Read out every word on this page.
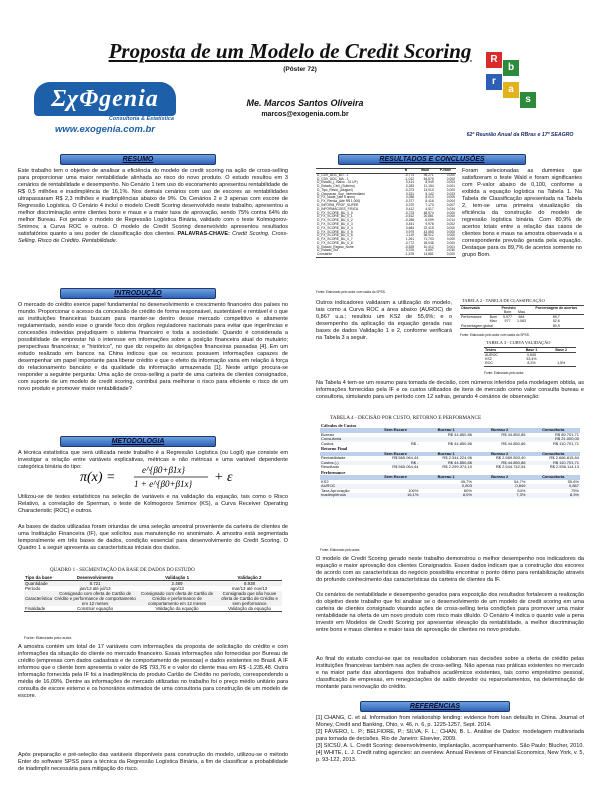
Proposta de um Modelo de Credit Scoring
(Pôster 72)
ΣχΦgenia
Consultoria & Estatística
www.exogenia.com.br
Me. Marcos Santos Oliveira
marcos@exogenia.com.br
R
b
r
a
s
62ª Reunião Anual da RBras e 17º SEAGRO
RESUMO
Este trabalho tem o objetivo de analisar a eficiência do modelo de credit scoring na ação de cross-selling para proporcionar uma maior rentabilidade alinhada ao risco do novo produto. O estudo resultou em 3 cenários de rentabilidade e desempenho. No Cenário 1 tem uso do escoramento apresentou rentabilidade de R$ 0,5 milhões e inadimplência de 16,1%. Nos demais cenários com uso de escores as rentabilidades ultrapassaram R$ 2,3 milhões e inadimplências abaixo de 9%. Os Cenários 2 e 3 apenas com escore de Regressão Logística. O Cenário 4 incluí o modelo Credit Scoring desenvolvido neste trabalho, apresentou a melhor discriminação entre clientes bons e maus e a maior taxa de aprovação, sendo 75% contra 64% do melhor Bureau. Foi gerado o modelo de Regressão Logística Binária, validado com o teste Kolmogorov-Smirnov, a Curva ROC e outros. O modelo de Credit Scoring desenvolvido apresentou resultados satisfatórios quanto a seu poder de classificação dos clientes. PALAVRAS-CHAVE: Credit Scoring. Cross-Selling. Risco de Crédito. Rentabilidade.
INTRODUÇÃO
O mercado do crédito exerce papel fundamental no desenvolvimento e crescimento financeiro dos países no mundo. Proporcionar o acesso da concessão de crédito de forma responsável, sustentável e rentável é o que as instituições financeiras buscam para manter-se dentro desse mercado competitivo e altamente regulamentado, sendo esse o grande foco dos órgãos reguladores nacionais para evitar que ingerências e concessões indevidas prejudiquem o sistema financeiro e toda a sociedade. Quando é considerada a possibilidade de emprestar há o interesse em informações sobre a posição financeira atual do mutuário; perspectivas financeiras; e "histórico", no que diz respeito às obrigações financeiras passadas [4]. Em um estudo realizado em bancos na China indicou que os recursos possuem informações capazes de desempenhar um papel importante para liberar crédito e que o efeito da informação varia em relação à força do relacionamento bancário e da qualidade da informação armazenada [1]. Neste artigo procura-se responder a seguinte pergunta: Uma ação de cross-selling a partir de uma carteira de clientes consignados, com suporte de um modelo de credit scoring, contribui para melhorar o risco para eficiente o risco de um novo produto e promover maior rentabilidade?
METODOLOGIA
A técnica estatística que será utilizada neste trabalho é a Regressão Logística (ou Logit) que consiste em investigar a relação entre variáveis explicativas, métricas e não métricas e uma variável dependente categórica binária do tipo:
π(x) =	e^{β0+β1x}
1 + e^{β0+β1x} + ε
Utilizou-se de testes estatísticos na seleção de variáveis e na validação da equação, tais como o Risco Relativo, a correlação de Sperman, o teste de Kolmogorov Smirnov (KS), a Curva Receiver Operating Characteristic (ROC) e outros.
As bases de dados utilizadas foram oriundas de uma seleção amostral proveniente da carteira de clientes de uma Instituição Financeira (IF), que solicitou sua manutenção no anonimato. A amostra está segmentada temporalmente em três bases de dados, condição essencial para desenvolvimento do Credit Scoring. O Quadro 1 a seguir apresenta as características iniciais dos dados.
QUADRO 1 - SEGMENTAÇÃO DA BASE DE DADOS DO ESTUDO
Tipo da base	Desenvolvimento	Validação 1	Validação 2
Quantidade	8.721	2.489	8.938
Período	jan/13 até jul/13	ago/13	mar/13 até nov/13
Característica	Consignado com oferta de Cartão de Crédito e performance de comportamento em 12 meses	Consignado com oferta de Cartão de Crédito e performance de comportamento em 12 meses	Consignado que não houve oferta de Cartão de Crédito e sem performance
Finalidade	Construir equação	Validação da equação	Validação da equação
Fonte: Elaborado pelo autor.
A amostra contém um total de 17 variáveis com informações da proposta de solicitação do crédito e com informações da situação do cliente no mercado financeiro. Essas informações são fornecidas por Bureau de crédito (empresas com dados cadastrais e de comportamento de pessoas) e dados existentes no Brasil. A IF informou que o cliente bom apresenta o valor de R$ 793,76 e o valor do cliente mau em R$ -1.235,48. Outra informação fornecida pela IF foi a inadimplência do produto Cartão de Crédito no período, correspondendo a média de 16,09%. Dentre as informações de mercado utilizadas no trabalho foi o preço médio unitário para consulta de escore externo e os honorários estimados de uma consultoria para construção de um modelo de escore.
Após preparação e pré-seleção das variáveis disponíveis para construção do modelo, utilizou-se o método Enter do software SPSS para a técnica da Regressão Logística Binária, a fim de classificar a probabilidade de inadimplir necessária para mitigação do risco.
RESULTADOS E CONCLUSÕES
	B	Wald	P-valor
D_CDV_ADC_BO - 1	-0,774	95,271	0,000
D_CDV_ADC_MA - 1	-1,012	54,675	0,000
D_Estado_(- Baixo - 31 UF)	0,414	8,949	0,003
D_Estado_Civil_(Solteiro)	0,283	11,154	0,001
D_Tipo_Resid_(Aluguel)	-0,373	13,910	0,000
D_Ocupacao_Sup_Intermediario	0,331	5,142	0,023
D_FX_Idade_(até 5 anos)	0,286	8,013	0,005
D_FX_Renda_(Até R$ 1.000)	-0,377	8,416	0,004
D_INFORM_PROF_SUPER	0,370	7,170	0,007
D_INFORMACOES_FISICA	0,412	4,517	0,034
D_FX_SCORE_BU_0_0	-0,723	48,974	0,000
D_FX_SCORE_BU_0_1	-0,512	20,881	0,000
D_FX_SCORE_BU_0_2	-0,286	6,099	0,014
D_FX_SCORE_BU_0_3	0,451	9,978	0,002
D_FX_SCORE_BU_0_4	0,684	22,415	0,000
D_FX_SCORE_BU_0_5	0,979	43,560	0,000
D_FX_SCORE_BU_0_6	1,119	58,912	0,000
D_FX_SCORE_BU_0_7	1,261	71,703	0,000
D_FX_SCORE_BU_0_8	-0,772	18,048	0,000
D_Estado_Regiao_Norte	-0,539	10,412	0,001
D_Estado_Sul	0,376	4,697	0,030
Constante	-1,578	14,881	0,000
Fonte: Elaborado pelo autor com saída do SPSS.
Foram selecionadas as dummies que satisfizeram o teste Wald e foram significantes com P-valor abaixo de 0,100, conforme a exibida a equação logística na Tabela 1. Na Tabela de Classificação apresentada na Tabela 2, tem-se uma primeira visualização da eficiência da construção do modelo de regressão logística binária. Com 80,9% de acertos totais entre a relação das casos de clientes bons e maus na amostra observada e a correspondente previsão gerada pela equação. Destaque para os 89,7% de acertos somente no grupo Bom.
Outros indicadores validaram a utilização do modelo, tais como a Curva ROC a área abaixo (AUROC) de 0,867 u.a.; resultou um KS2 de 55,6%; e o desempenho da aplicação da equação gerada nas bases de dados Validação 1 e 2, conforme verificará na Tabela 3 a seguir.
TABELA 2 - TABELA DE CLASSIFICAÇÃO
Observado	Previsto			Porcentagem de acertos
		Bom	Mau	
Performance	Bom	5.977	684	89,7
	Mau	977	1.083	52,6
Porcentagem global				80,9
Fonte: Elaborado pelo autor com saída do SPSS.
TABELA 3 - CURVA VALIDAÇÃO
Testes	Base 1	Base 2
AUROC	0,845	
KS2	53,4%	
ROC	8,3%	1,5%
Fonte: Elaborado pelo autor.
Na Tabela 4 tem-se um resumo para tomada de decisão, com números inferidos pela modelagem obtida, as informações fornecidas pela IF e os custos utilizados de itens de mercado como valor consulta bureau e consultoria, simulando para um período com 12 safras, gerando 4 cenários de observação:
TABELA 4 - DECISÃO POR CUSTO, RETORNO E PERFORMANCE
Cálculos de Custos				
	Sem Escore	Bureau 1	Bureau 2	Consultoria
Bureau		R$ 44.850,86	R$ 44.850,86	R$ 89.701,71
Consultoria				R$ 21.000,00
Custos	R$ -	R$ 44.850,86	R$ 44.850,86	R$ 110.701,71
Retorno Final				
	Sem Escore	Bureau 1	Bureau 2	Consultoria
Rentabilidade	R$ 565.064,44	R$ 2.344.224,96	R$ 2.589.593,40	R$ 2.666.815,84
Custos (-)	R$ -	R$ 44.850,86	R$ 44.850,86	R$ 110.701,71
Resultado	R$ 565.064,44	R$ 2.299.374,10	R$ 2.544.742,54	R$ 2.556.114,13
Performance				
	Sem Escore	Bureau 1	Bureau 2	Consultoria
KS2		49,7%	54,7%	55,6%
AUROC		0,803	0,849	0,867
Taxa Aprovação	100%	60%	64%	75%
Inadimplência	16,1%	8,0%	7,3%	8,3%
Fonte: Elaborado pelo autor.
O modelo de Credit Scoring gerado neste trabalho demonstrou o melhor desempenho nos indicadores da equação e maior aprovação dos clientes Consignados. Esses dados indicam que a construção dos escores de acordo com as características do negócio possibilita encontrar o ponto ótimo para rentabilização através do profundo conhecimento das características da carteira de clientes da IF.
Os cenários de rentabilidade e desempenho gerados para exposição dos resultados fortalecem a realização do objetivo deste trabalho que foi analisar se o desenvolvimento de um modelo de credit scoring em uma carteira de clientes consignado visando ações de cross-selling teria condições para promover uma maior rentabilidade na oferta de um novo produto com risco mais diluído. O Cenário 4 indica o quanto vale a pena investir em Modelos de Credit Scoring por apresentar elevação da rentabilidade, a melhor discriminação entre bons e maus clientes e maior taxa de aprovação de clientes no novo produto.
Ao final do estudo conclui-se que os resultados colaboram nas decisões sobre a oferta de crédito pelas instituições financeiras também nas ações de cross-selling. Não apenas nas práticas existentes no mercado e na maior parte das abordagens dos trabalhos acadêmicos existentes, tais como empréstimo pessoal, classificação de empresas, em renegociações de saldo devedor ou reparcelamentos, na determinação de montante para renovação do crédito.
REFERÊNCIAS
[1] CHANG, C. et al. Information from relationship lending: evidence from loan defaults in China. Journal of Money, Credit and Banking, Ohio, v. 46, n. 6, p. 1225-1257, Sept. 2014.
[2] FÁVERO, L. P.; BELFIORE, P.; SILVA, F. L.; CHAN, B. L. Análise de Dados: modelagem multivariada para tomada de decisões. Rio de Janeiro: Elsevier, 2009.
[3] SICSÚ, A. L. Credit Scoring: desenvolvimento, implantação, acompanhamento. São Paulo: Blucher, 2010.
[4] WHITE, L. J. Credit rating agencies: an overview. Annual Reviews of Financial Economics, New York, v. 5, p. 93-122, 2013.
